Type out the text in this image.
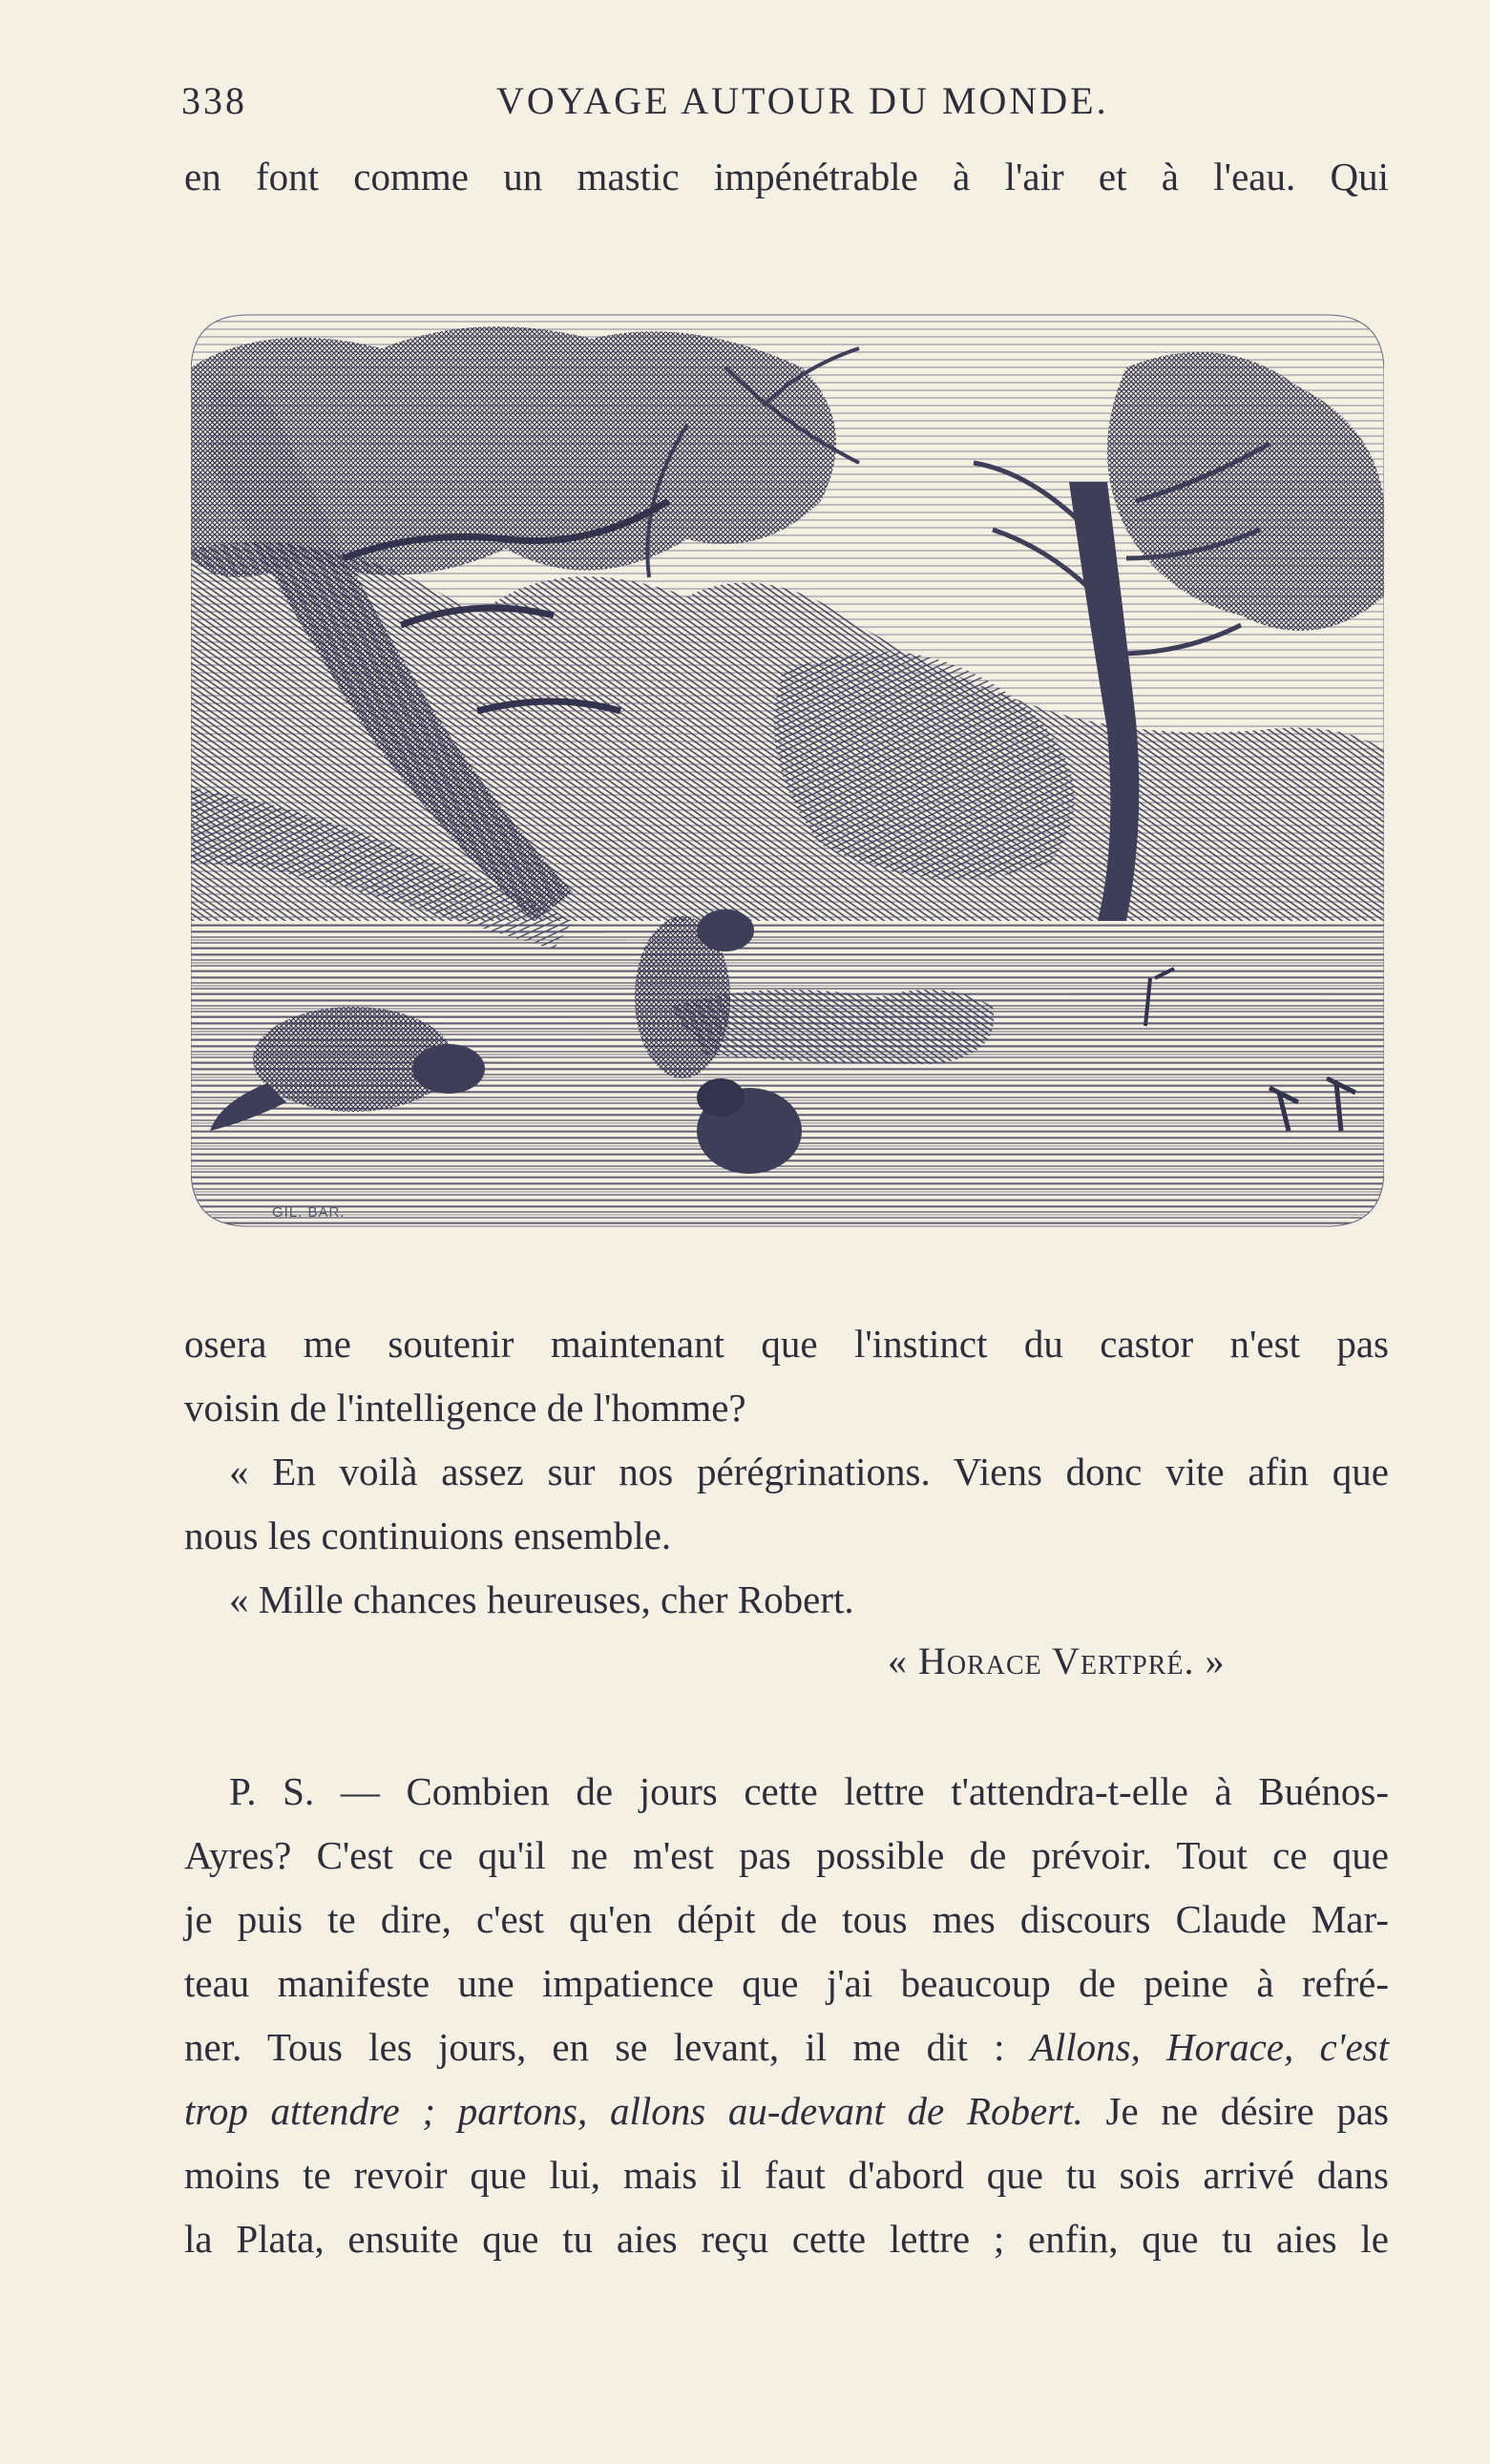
338	VOYAGE AUTOUR DU MONDE.
en font comme un mastic impénétrable à l'air et à l'eau. Qui
GIL. BAR.
osera me soutenir maintenant que l'instinct du castor n'est pas
voisin de l'intelligence de l'homme?
« En voilà assez sur nos pérégrinations. Viens donc vite afin que
nous les continuions ensemble.
« Mille chances heureuses, cher Robert.
« Horace Vertpré. »
P. S. — Combien de jours cette lettre t'attendra-t-elle à Buénos-
Ayres? C'est ce qu'il ne m'est pas possible de prévoir. Tout ce que
je puis te dire, c'est qu'en dépit de tous mes discours Claude Mar-
teau manifeste une impatience que j'ai beaucoup de peine à refré-
ner. Tous les jours, en se levant, il me dit : Allons, Horace, c'est
trop attendre ; partons, allons au-devant de Robert. Je ne désire pas
moins te revoir que lui, mais il faut d'abord que tu sois arrivé dans
la Plata, ensuite que tu aies reçu cette lettre ; enfin, que tu aies le
